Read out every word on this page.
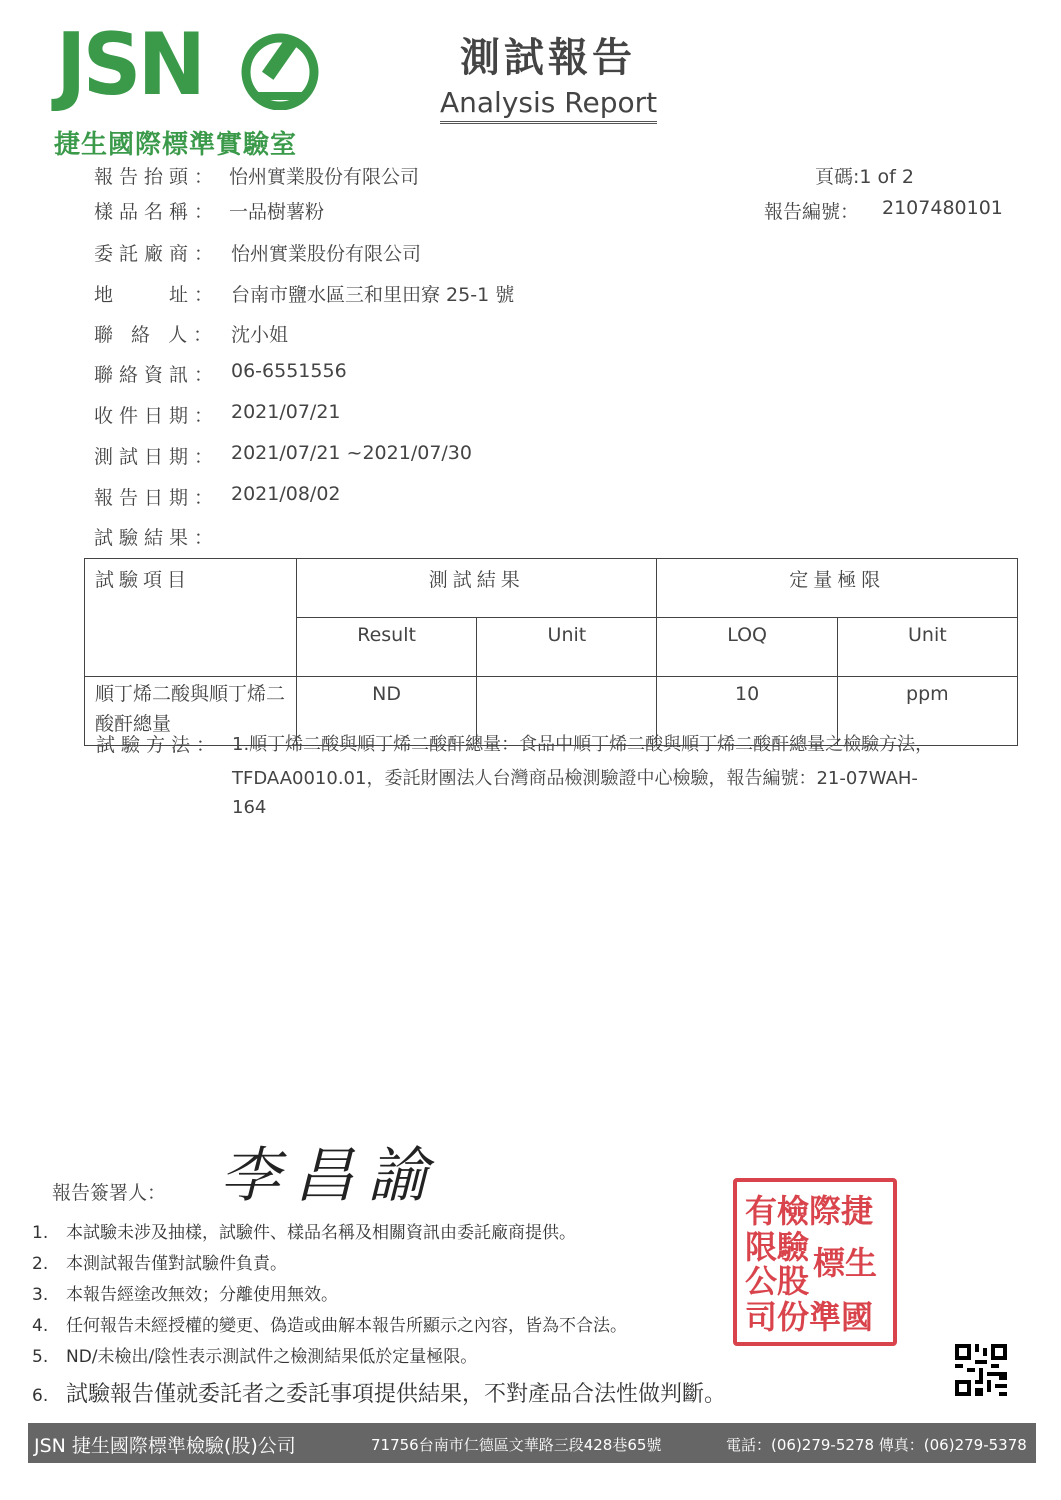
JSN
捷生國際標準實驗室
測試報告
Analysis Report
頁碼:1 of 2
報告編號： 2107480101
報告抬頭： 怡州實業股份有限公司
樣品名稱： 一品樹薯粉
委託廠商： 怡州實業股份有限公司
地　　址： 台南市鹽水區三和里田寮 25-1 號
聯 絡 人： 沈小姐
聯絡資訊： 06-6551556
收件日期： 2021/07/21
測試日期： 2021/07/21 ~2021/07/30
報告日期： 2021/08/02
試驗結果：
試驗項目	測試結果		定量極限	
	Result	Unit	LOQ	Unit
順丁烯二酸與順丁烯二酸酐總量	ND		10	ppm
試驗方法： 1.順丁烯二酸與順丁烯二酸酐總量：食品中順丁烯二酸與順丁烯二酸酐總量之檢驗方法，
TFDAA0010.01，委託財團法人台灣商品檢測驗證中心檢驗，報告編號：21-07WAH-
164
報告簽署人： 李昌諭	有檢際捷
限驗 標生
公股
司份準國
1. 本試驗未涉及抽樣，試驗件、樣品名稱及相關資訊由委託廠商提供。
2. 本測試報告僅對試驗件負責。
3. 本報告經塗改無效；分離使用無效。
4. 任何報告未經授權的變更、偽造或曲解本報告所顯示之內容，皆為不合法。
5. ND/未檢出/陰性表示測試件之檢測結果低於定量極限。
6. 試驗報告僅就委託者之委託事項提供結果，不對產品合法性做判斷。
JSN 捷生國際標準檢驗(股)公司	71756台南市仁德區文華路三段428巷65號	電話：(06)279-5278 傳真：(06)279-5378
